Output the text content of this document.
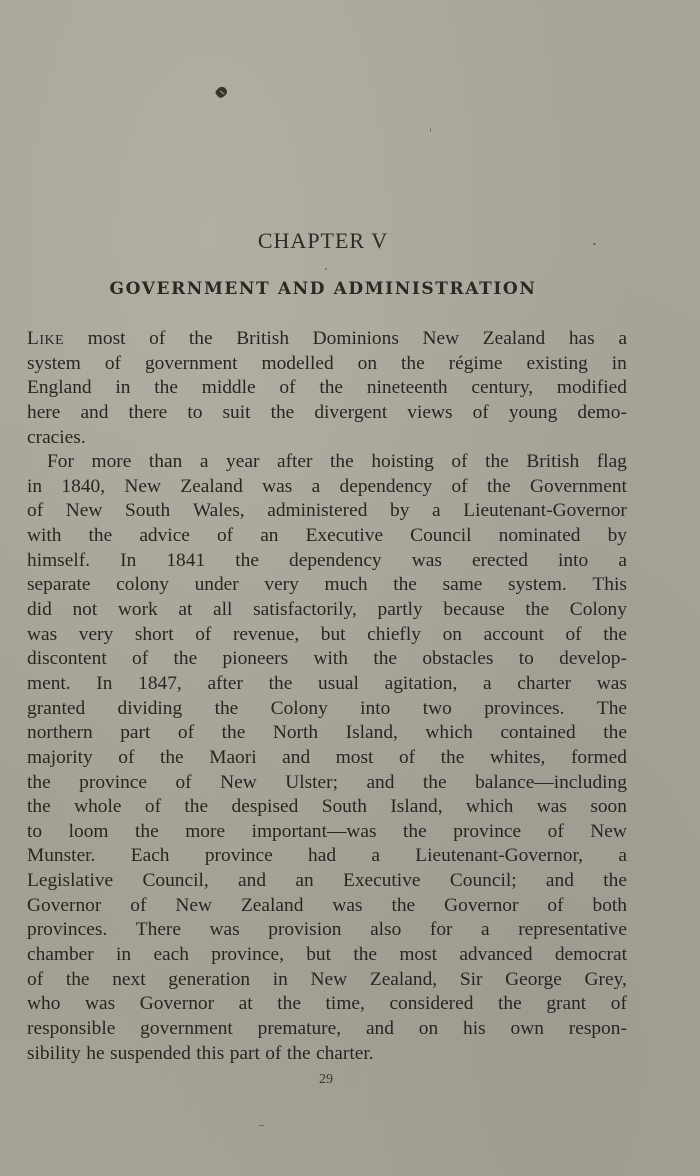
CHAPTER V
GOVERNMENT AND ADMINISTRATION
Like most of the British Dominions New Zealand has a
system of government modelled on the régime existing in
England in the middle of the nineteenth century, modified
here and there to suit the divergent views of young demo-
cracies.
For more than a year after the hoisting of the British flag
in 1840, New Zealand was a dependency of the Government
of New South Wales, administered by a Lieutenant-Governor
with the advice of an Executive Council nominated by
himself. In 1841 the dependency was erected into a
separate colony under very much the same system. This
did not work at all satisfactorily, partly because the Colony
was very short of revenue, but chiefly on account of the
discontent of the pioneers with the obstacles to develop-
ment. In 1847, after the usual agitation, a charter was
granted dividing the Colony into two provinces. The
northern part of the North Island, which contained the
majority of the Maori and most of the whites, formed
the province of New Ulster; and the balance—including
the whole of the despised South Island, which was soon
to loom the more important—was the province of New
Munster. Each province had a Lieutenant-Governor, a
Legislative Council, and an Executive Council; and the
Governor of New Zealand was the Governor of both
provinces. There was provision also for a representative
chamber in each province, but the most advanced democrat
of the next generation in New Zealand, Sir George Grey,
who was Governor at the time, considered the grant of
responsible government premature, and on his own respon-
sibility he suspended this part of the charter.
29
